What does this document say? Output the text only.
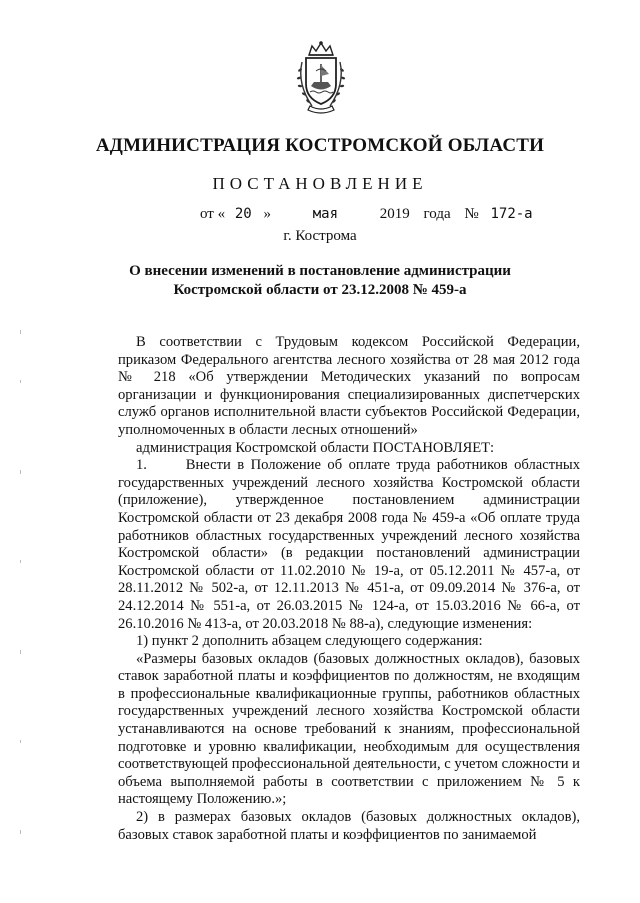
АДМИНИСТРАЦИЯ КОСТРОМСКОЙ ОБЛАСТИ
ПОСТАНОВЛЕНИЕ
от « 20 »	мая	2019 года № 172-а
г. Кострома
О внесении изменений в постановление администрации
Костромской области от 23.12.2008 № 459-а

В соответствии с Трудовым кодексом Российской Федерации, приказом Федерального агентства лесного хозяйства от 28 мая 2012 года № 218 «Об утверждении Методических указаний по вопросам организации и функционирования специализированных диспетчерских служб органов исполнительной власти субъектов Российской Федерации, уполномоченных в области лесных отношений»

администрация Костромской области ПОСТАНОВЛЯЕТ:

1.      Внести в Положение об оплате труда работников областных государственных учреждений лесного хозяйства Костромской области (приложение), утвержденное постановлением администрации Костромской области от 23 декабря 2008 года № 459-а «Об оплате труда работников областных государственных учреждений лесного хозяйства Костромской области» (в редакции постановлений администрации Костромской области от 11.02.2010 № 19-а, от 05.12.2011 № 457-а, от 28.11.2012 № 502-а, от 12.11.2013 № 451-а, от 09.09.2014 № 376-а, от 24.12.2014 № 551-а, от 26.03.2015 № 124-а, от 15.03.2016 № 66-а, от 26.10.2016 № 413-а, от 20.03.2018 № 88-а), следующие изменения:

1) пункт 2 дополнить абзацем следующего содержания:

«Размеры базовых окладов (базовых должностных окладов), базовых ставок заработной платы и коэффициентов по должностям, не входящим в профессиональные квалификационные группы, работников областных государственных учреждений лесного хозяйства Костромской области устанавливаются на основе требований к знаниям, профессиональной подготовке и уровню квалификации, необходимым для осуществления соответствующей профессиональной деятельности, с учетом сложности и объема выполняемой работы в соответствии с приложением № 5 к настоящему Положению.»;

2) в размерах базовых окладов (базовых должностных окладов), базовых ставок заработной платы и коэффициентов по занимаемой
